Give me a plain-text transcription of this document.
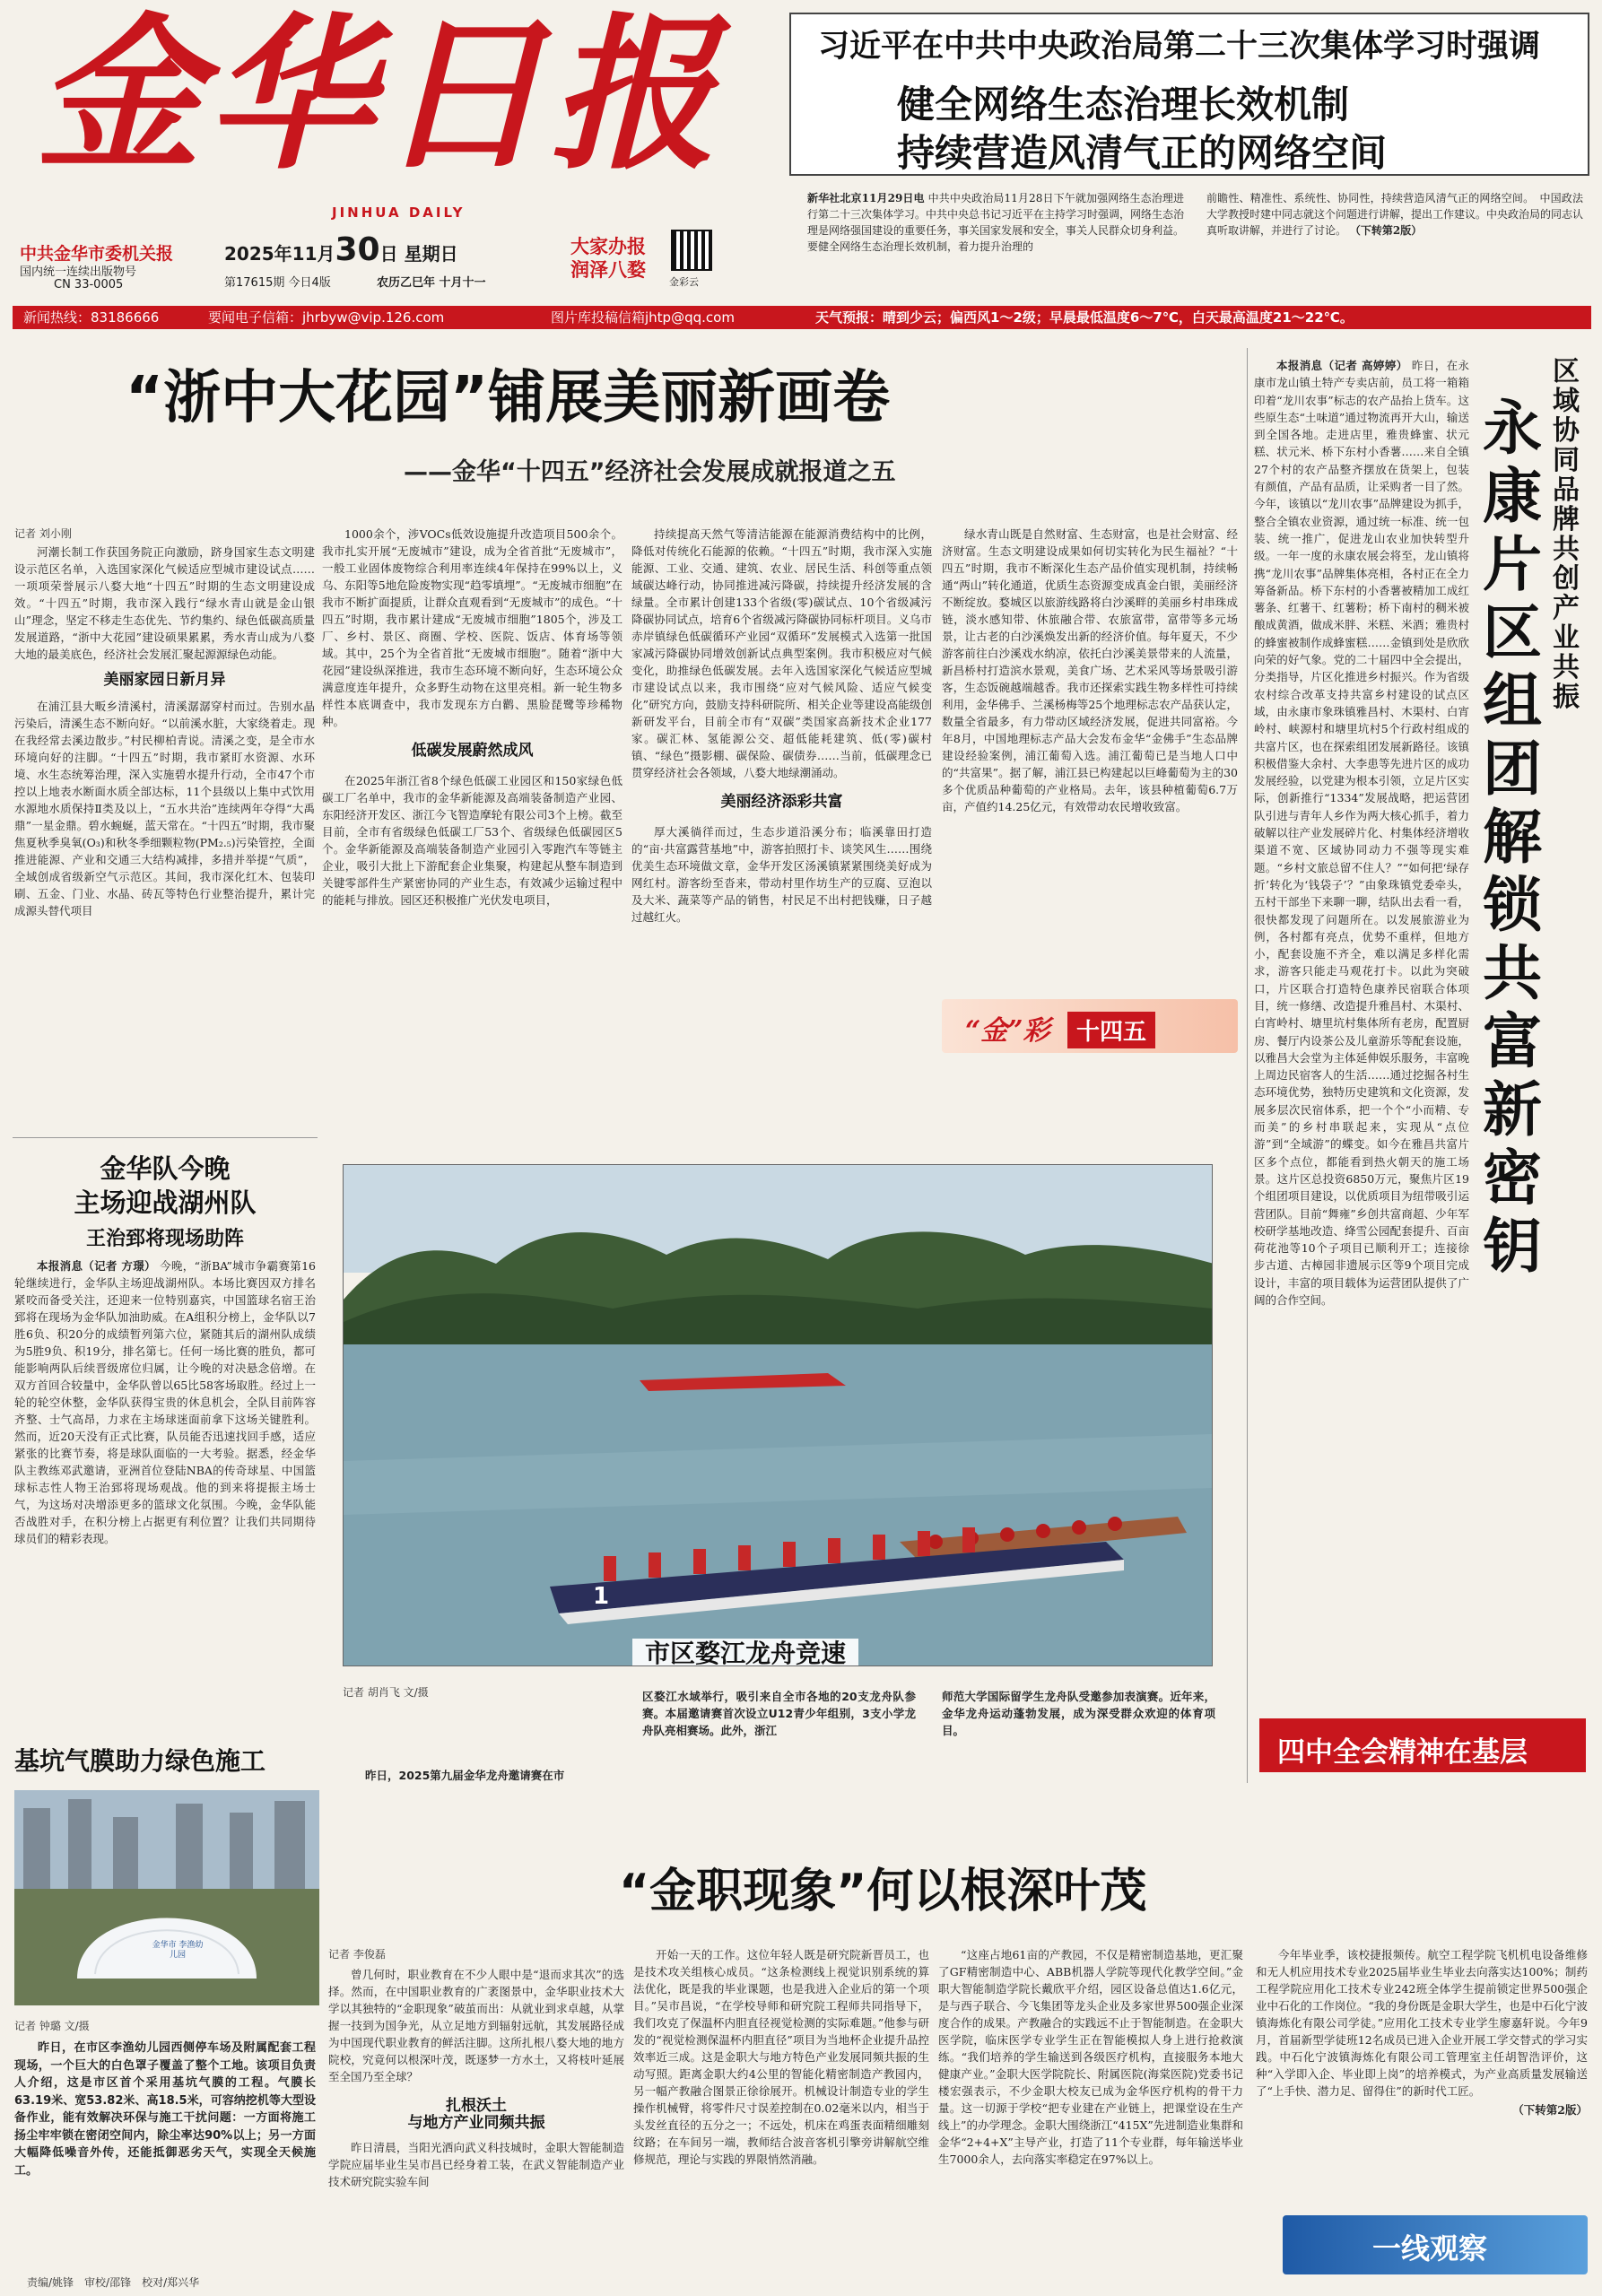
金华日报
JINHUA DAILY
中共金华市委机关报
国内统一连续出版物号
CN 33-0005
2025年11月30日 星期日
第17615期 今日4版	农历乙巳年 十月十一
大家办报
润泽八婺
金彩云
习近平在中共中央政治局第二十三次集体学习时强调
健全网络生态治理长效机制
持续营造风清气正的网络空间
新华社北京11月29日电 中共中央政治局11月28日下午就加强网络生态治理进行第二十三次集体学习。中共中央总书记习近平在主持学习时强调，网络生态治理是网络强国建设的重要任务，事关国家发展和安全，事关人民群众切身利益。要健全网络生态治理长效机制，着力提升治理的
前瞻性、精准性、系统性、协同性，持续营造风清气正的网络空间。　中国政法大学教授时建中同志就这个问题进行讲解，提出工作建议。中央政治局的同志认真听取讲解，并进行了讨论。 （下转第2版）
新闻热线：83186666	要闻电子信箱：jhrbyw@vip.126.com	图片库投稿信箱jhtp@qq.com	天气预报：晴到少云；偏西风1～2级；早晨最低温度6～7℃，白天最高温度21～22℃。
“浙中大花园”铺展美丽新画卷
——金华“十四五”经济社会发展成就报道之五
记者 刘小刚

河潮长制工作获国务院正向激励，跻身国家生态文明建设示范区名单，入选国家深化气候适应型城市建设试点……一项项荣誉展示八婺大地“十四五”时期的生态文明建设成效。“十四五”时期，我市深入践行“绿水青山就是金山银山”理念，坚定不移走生态优先、节约集约、绿色低碳高质量发展道路，“浙中大花园”建设硕果累累，秀水青山成为八婺大地的最美底色，经济社会发展汇聚起源源绿色动能。

美丽家园日新月异

在浦江县大畈乡清溪村，清溪潺潺穿村而过。告别水晶污染后，清溪生态不断向好。“以前溪水脏，大家绕着走。现在我经常去溪边散步。”村民柳柏青说。清溪之变，是全市水环境向好的注脚。“十四五”时期，我市紧盯水资源、水环境、水生态统筹治理，深入实施碧水提升行动，全市47个市控以上地表水断面水质全部达标，11个县级以上集中式饮用水源地水质保持Ⅱ类及以上，“五水共治”连续两年夺得“大禹鼎”一星金鼎。碧水蜿蜒，蓝天常在。“十四五”时期，我市聚焦夏秋季臭氧(O₃)和秋冬季细颗粒物(PM₂.₅)污染管控，全面推进能源、产业和交通三大结构减排，多措并举提“气质”，全域创成省级新空气示范区。其间，我市深化红木、包装印刷、五金、门业、水晶、砖瓦等特色行业整治提升，累计完成源头替代项目

1000余个，涉VOCs低效设施提升改造项目500余个。我市扎实开展“无废城市”建设，成为全省首批“无废城市”，一般工业固体废物综合利用率连续4年保持在99%以上，义乌、东阳等5地危险废物实现“趋零填埋”。“无废城市细胞”在我市不断扩面提质，让群众直观看到“无废城市”的成色。“十四五”时期，我市累计建成“无废城市细胞”1805个，涉及工厂、乡村、景区、商圈、学校、医院、饭店、体育场等领域。其中，25个为全省首批“无废城市细胞”。随着“浙中大花园”建设纵深推进，我市生态环境不断向好，生态环境公众满意度连年提升，众多野生动物在这里亮相。新一轮生物多样性本底调查中，我市发现东方白鹳、黑脸琵鹭等珍稀物种。

低碳发展蔚然成风

在2025年浙江省8个绿色低碳工业园区和150家绿色低碳工厂名单中，我市的金华新能源及高端装备制造产业园、东阳经济开发区、浙江今飞智造摩轮有限公司3个上榜。截至目前，全市有省级绿色低碳工厂53个、省级绿色低碳园区5个。金华新能源及高端装备制造产业园引入零跑汽车等链主企业，吸引大批上下游配套企业集聚，构建起从整车制造到关键零部件生产紧密协同的产业生态，有效减少运输过程中的能耗与排放。园区还积极推广光伏发电项目，

持续提高天然气等清洁能源在能源消费结构中的比例，降低对传统化石能源的依赖。“十四五”时期，我市深入实施能源、工业、交通、建筑、农业、居民生活、科创等重点领域碳达峰行动，协同推进减污降碳，持续提升经济发展的含绿量。全市累计创建133个省级(零)碳试点、10个省级减污降碳协同试点，培育6个省级减污降碳协同标杆项目。义乌市赤岸镇绿色低碳循环产业园“双循环”发展模式入选第一批国家减污降碳协同增效创新试点典型案例。我市积极应对气候变化，助推绿色低碳发展。去年入选国家深化气候适应型城市建设试点以来，我市围绕“应对气候风险、适应气候变化”研究方向，鼓励支持科研院所、相关企业等建设高能级创新研发平台，目前全市有“双碳”类国家高新技术企业177家。碳汇林、氢能源公交、超低能耗建筑、低(零)碳村镇、“绿色”摄影棚、碳保险、碳债券……当前，低碳理念已贯穿经济社会各领域，八婺大地绿潮涌动。

美丽经济添彩共富

厚大溪徜徉而过，生态步道沿溪分布；临溪靠田打造的“亩·共富露营基地”中，游客拍照打卡、谈笑风生……围绕优美生态环境做文章，金华开发区汤溪镇紧紧围绕美好成为网红村。游客纷至沓来，带动村里作坊生产的豆腐、豆泡以及大米、蔬菜等产品的销售，村民足不出村把钱赚，日子越过越红火。

绿水青山既是自然财富、生态财富，也是社会财富、经济财富。生态文明建设成果如何切实转化为民生福祉？“十四五”时期，我市不断深化生态产品价值实现机制，持续畅通“两山”转化通道，优质生态资源变成真金白银，美丽经济不断绽放。婺城区以旅游线路将白沙溪畔的美丽乡村串珠成链，淡水感知带、休旅融合带、农旅富带，富带等多元场景，让古老的白沙溪焕发出新的经济价值。每年夏天，不少游客前往白沙溪戏水纳凉，依托白沙溪美景带来的人流量，新昌桥村打造滨水景观，美食广场、艺术采风等场景吸引游客，生态饭碗越端越香。我市还探索实践生物多样性可持续利用，金华佛手、兰溪杨梅等25个地理标志农产品获认定，数量全省最多，有力带动区域经济发展，促进共同富裕。今年8月，中国地理标志产品大会发布金华“金佛手”生态品牌建设经验案例，浦江葡萄入选。浦江葡萄已是当地人口中的“共富果”。据了解，浦江县已构建起以巨峰葡萄为主的30多个优质品种葡萄的产业格局。去年，该县种植葡萄6.7万亩，产值约14.25亿元，有效带动农民增收致富。

“金”彩	十四五
区域协同 品牌共创 产业共振
永康片区组团解锁共富新密钥
本报消息（记者 高婷婷） 昨日，在永康市龙山镇土特产专卖店前，员工将一箱箱印着“龙川农事”标志的农产品抬上货车。这些原生态“土味道”通过物流再开大山，输送到全国各地。走进店里，雅贵蜂蜜、状元糕、状元米、桥下东村小香薯……来自全镇27个村的农产品整齐摆放在货架上，包装有颜值，产品有品质，让采购者一目了然。今年，该镇以“龙川农事”品牌建设为抓手，整合全镇农业资源，通过统一标准、统一包装、统一推广，促进龙山农业加快转型升级。一年一度的永康农展会将至，龙山镇将携“龙川农事”品牌集体亮相，各村正在全力筹备新品。桥下东村的小香薯被精加工成红薯条、红薯干、红薯粉；桥下南村的稠米被酿成黄酒，做成米胖、米糕、米酒；雅贵村的蜂蜜被制作成蜂蜜糕……金镇到处是欣欣向荣的好气象。党的二十届四中全会提出，分类指导，片区化推进乡村振兴。作为省级农村综合改革支持共富乡村建设的试点区域，由永康市象珠镇雅昌村、木渠村、白宵岭村、峡源村和塘里坑村5个行政村组成的共富片区，也在探索组团发展新路径。该镇积极借鉴大余村、大李患等先进片区的成功发展经验，以党建为根本引领，立足片区实际，创新推行“1334”发展战略，把运营团队引进与青年人乡作为两大核心抓手，着力破解以往产业发展碎片化、村集体经济增收渠道不宽、区域协同动力不强等现实难题。“乡村文旅总留不住人？”“如何把‘绿存折’转化为‘钱袋子’？”由象珠镇党委牵头，五村干部坐下来聊一聊，结队出去看一看，很快都发现了问题所在。以发展旅游业为例，各村都有亮点，优势不重样，但地方小，配套设施不齐全，难以满足多样化需求，游客只能走马观花打卡。以此为突破口，片区联合打造特色康养民宿联合体项目，统一修缮、改造提升雅昌村、木渠村、白宵岭村、塘里坑村集体所有老房，配置厨房、餐厅内设茶公及儿童游乐等配套设施，以雅昌大会堂为主体延伸娱乐服务，丰富晚上周边民宿客人的生活……通过挖掘各村生态环境优势，独特历史建筑和文化资源，发展多层次民宿体系，把一个个“小而精、专而美”的乡村串联起来，实现从“点位游”到“全域游”的蝶变。如今在雅昌共富片区多个点位，都能看到热火朝天的施工场景。这片区总投资6850万元，聚焦片区19个组团项目建设，以优质项目为纽带吸引运营团队。目前“舞雍”乡创共富商超、少年军校研学基地改造、绛雪公园配套提升、百亩荷花池等10个子项目已顺利开工；连接徐步古道、古樟园非遗展示区等9个项目完成设计，丰富的项目载体为运营团队提供了广阔的合作空间。
四中全会精神在基层
金华队今晚
主场迎战湖州队
王治郅将现场助阵
本报消息（记者 方璟） 今晚，“浙BA”城市争霸赛第16轮继续进行，金华队主场迎战湖州队。本场比赛因双方排名紧咬而备受关注，还迎来一位特别嘉宾，中国篮球名宿王治郅将在现场为金华队加油助威。在A组积分榜上，金华队以7胜6负、积20分的成绩暂列第六位，紧随其后的湖州队成绩为5胜9负、积19分，排名第七。任何一场比赛的胜负，都可能影响两队后续晋级席位归属，让今晚的对决悬念倍增。在双方首回合较量中，金华队曾以65比58客场取胜。经过上一轮的轮空休整，金华队获得宝贵的休息机会，全队目前阵容齐整、士气高昂，力求在主场球迷面前拿下这场关键胜利。然而，近20天没有正式比赛，队员能否迅速找回手感，适应紧张的比赛节奏，将是球队面临的一大考验。据悉，经金华队主教练邓武邀请，亚洲首位登陆NBA的传奇球星、中国篮球标志性人物王治郅将现场观战。他的到来将提振主场士气，为这场对决增添更多的篮球文化氛围。今晚，金华队能否战胜对手，在积分榜上占据更有利位置？让我们共同期待球员们的精彩表现。
1
市区婺江龙舟竞速
记者 胡肖飞 文/摄
昨日，2025第九届金华龙舟邀请赛在市
区婺江水域举行，吸引来自全市各地的20支龙舟队参赛。本届邀请赛首次设立U12青少年组别，3支小学龙舟队亮相赛场。此外，浙江
师范大学国际留学生龙舟队受邀参加表演赛。近年来，金华龙舟运动蓬勃发展，成为深受群众欢迎的体育项目。
基坑气膜助力绿色施工
金华市 李渔幼儿园
记者 钟璐 文/摄
昨日，在市区李渔幼儿园西侧停车场及附属配套工程现场，一个巨大的白色罩子覆盖了整个工地。该项目负责人介绍，这是市区首个采用基坑气膜的工程。气膜长63.19米、宽53.82米、高18.5米，可容纳挖机等大型设备作业，能有效解决环保与施工干扰问题：一方面将施工扬尘牢牢锁在密闭空间内，除尘率达90%以上；另一方面大幅降低噪音外传，还能抵御恶劣天气，实现全天候施工。
“金职现象”何以根深叶茂
记者 李俊磊

曾几何时，职业教育在不少人眼中是“退而求其次”的选择。然而，在中国职业教育的广袤图景中，金华职业技术大学以其独特的“金职现象”破茧而出：从就业到求卓越，从掌握一技到为国争光，从立足地方到辐射远航，其发展路径成为中国现代职业教育的鲜活注脚。这所扎根八婺大地的地方院校，究竟何以根深叶茂，既逐梦一方水土，又将枝叶延展至全国乃至全球？

扎根沃土
与地方产业同频共振

昨日清晨，当阳光洒向武义科技城时，金职大智能制造学院应届毕业生吴市昌已经身着工装，在武义智能制造产业技术研究院实验车间

开始一天的工作。这位年轻人既是研究院新晋员工，也是技术攻关组核心成员。“这条检测线上视觉识别系统的算法优化，既是我的毕业课题，也是我进入企业后的第一个项目。”吴市昌说，“在学校导师和研究院工程师共同指导下，我们攻克了保温杯内胆直径视觉检测的实际难题。”他参与研发的“视觉检测保温杯内胆直径”项目为当地杯企业提升品控效率近三成。这是金职大与地方特色产业发展同频共振的生动写照。距离金职大约4公里的智能化精密制造产教园内，另一幅产教融合图景正徐徐展开。机械设计制造专业的学生操作机械臂，将零件尺寸误差控制在0.02毫米以内，相当于头发丝直径的五分之一；不远处，机床在鸡蛋表面精细雕刻纹路；在车间另一端，教师结合波音客机引擎旁讲解航空维修规范，理论与实践的界限悄然消融。

“这座占地61亩的产教园，不仅是精密制造基地，更汇聚了GF精密制造中心、ABB机器人学院等现代化教学空间。”金职大智能制造学院长戴欣平介绍，园区设备总值达1.6亿元，是与西子联合、今飞集团等龙头企业及多家世界500强企业深度合作的成果。产教融合的实践远不止于智能制造。在金职大医学院，临床医学专业学生正在智能模拟人身上进行抢救演练。“我们培养的学生输送到各级医疗机构，直接服务本地大健康产业。”金职大医学院院长、附属医院(海棠医院)党委书记楼宏强表示，不少金职大校友已成为金华医疗机构的骨干力量。这一切源于学校“把专业建在产业链上，把课堂设在生产线上”的办学理念。金职大围绕浙江“415X”先进制造业集群和金华“2+4+X”主导产业，打造了11个专业群，每年输送毕业生7000余人，去向落实率稳定在97%以上。

今年毕业季，该校捷报频传。航空工程学院飞机机电设备维修和无人机应用技术专业2025届毕业生毕业去向落实达100%；制药工程学院应用化工技术专业242班全体学生提前锁定世界500强企业中石化的工作岗位。“我的身份既是金职大学生，也是中石化宁波镇海炼化有限公司学徒。”应用化工技术专业学生廖嘉轩说。今年9月，首届新型学徒班12名成员已进入企业开展工学交替式的学习实践。中石化宁波镇海炼化有限公司工管理室主任胡智浩评价，这种“入学即入企、毕业即上岗”的培养模式，为产业高质量发展输送了“上手快、潜力足、留得住”的新时代工匠。

（下转第2版）

一线观察
责编/姚锋　审校/邵锋　校对/郑兴华
